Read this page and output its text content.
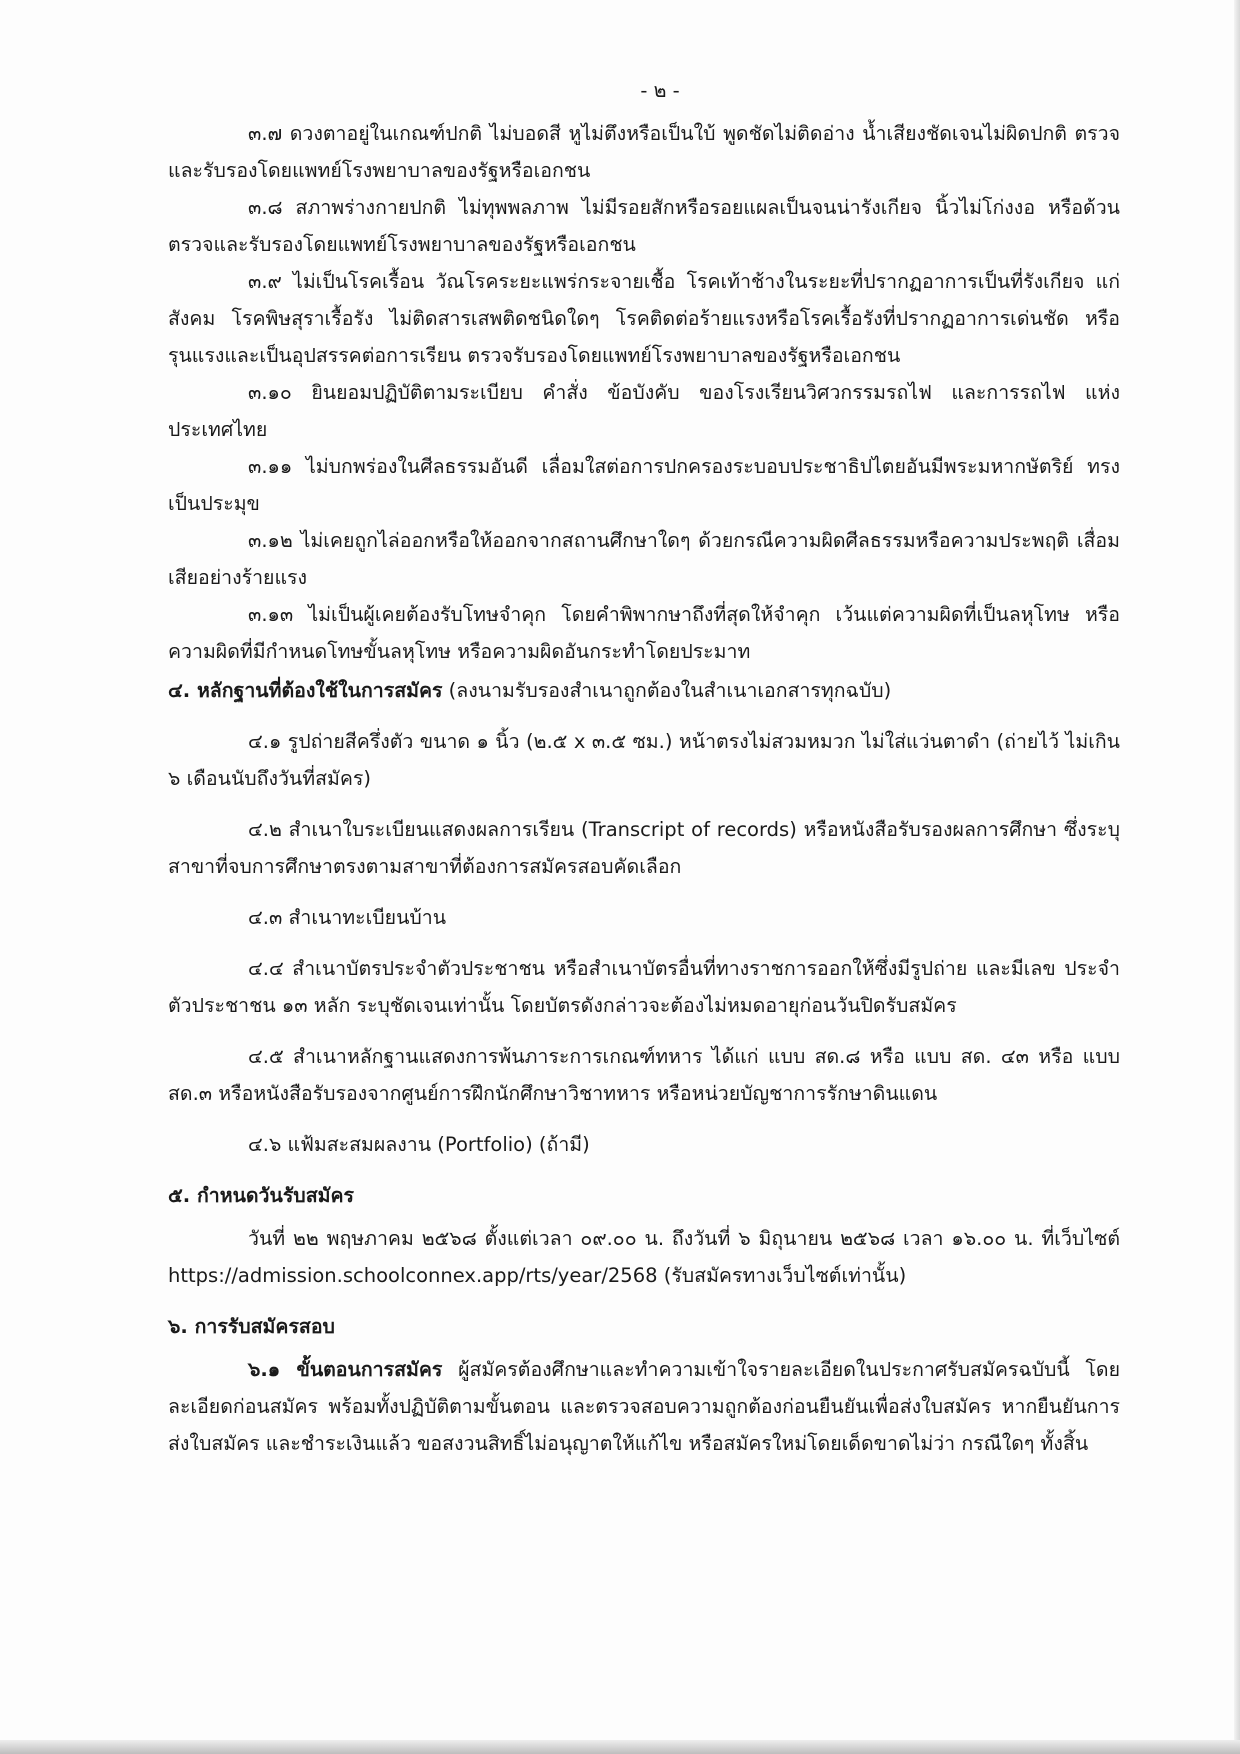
- ๒ -

๓.๗ ดวงตาอยู่ในเกณฑ์ปกติ ไม่บอดสี หูไม่ตึงหรือเป็นใบ้ พูดชัดไม่ติดอ่าง น้ำเสียงชัดเจนไม่ผิดปกติ ตรวจและรับรองโดยแพทย์โรงพยาบาลของรัฐหรือเอกชน

๓.๘ สภาพร่างกายปกติ ไม่ทุพพลภาพ ไม่มีรอยสักหรือรอยแผลเป็นจนน่ารังเกียจ นิ้วไม่โก่งงอ หรือด้วน ตรวจและรับรองโดยแพทย์โรงพยาบาลของรัฐหรือเอกชน

๓.๙ ไม่เป็นโรคเรื้อน วัณโรคระยะแพร่กระจายเชื้อ โรคเท้าช้างในระยะที่ปรากฏอาการเป็นที่รังเกียจ แก่สังคม โรคพิษสุราเรื้อรัง ไม่ติดสารเสพติดชนิดใดๆ โรคติดต่อร้ายแรงหรือโรคเรื้อรังที่ปรากฏอาการเด่นชัด หรือรุนแรงและเป็นอุปสรรคต่อการเรียน ตรวจรับรองโดยแพทย์โรงพยาบาลของรัฐหรือเอกชน

๓.๑๐ ยินยอมปฏิบัติตามระเบียบ คำสั่ง ข้อบังคับ ของโรงเรียนวิศวกรรมรถไฟ และการรถไฟ แห่งประเทศไทย

๓.๑๑ ไม่บกพร่องในศีลธรรมอันดี เลื่อมใสต่อการปกครองระบอบประชาธิปไตยอันมีพระมหากษัตริย์ ทรงเป็นประมุข

๓.๑๒ ไม่เคยถูกไล่ออกหรือให้ออกจากสถานศึกษาใดๆ ด้วยกรณีความผิดศีลธรรมหรือความประพฤติ เสื่อมเสียอย่างร้ายแรง

๓.๑๓ ไม่เป็นผู้เคยต้องรับโทษจำคุก โดยคำพิพากษาถึงที่สุดให้จำคุก เว้นแต่ความผิดที่เป็นลหุโทษ หรือความผิดที่มีกำหนดโทษขั้นลหุโทษ หรือความผิดอันกระทำโดยประมาท

๔. หลักฐานที่ต้องใช้ในการสมัคร (ลงนามรับรองสำเนาถูกต้องในสำเนาเอกสารทุกฉบับ)

๔.๑ รูปถ่ายสีครึ่งตัว ขนาด ๑ นิ้ว (๒.๕ x ๓.๕ ซม.) หน้าตรงไม่สวมหมวก ไม่ใส่แว่นตาดำ (ถ่ายไว้ ไม่เกิน ๖ เดือนนับถึงวันที่สมัคร)

๔.๒ สำเนาใบระเบียนแสดงผลการเรียน (Transcript of records) หรือหนังสือรับรองผลการศึกษา ซึ่งระบุสาขาที่จบการศึกษาตรงตามสาขาที่ต้องการสมัครสอบคัดเลือก

๔.๓ สำเนาทะเบียนบ้าน

๔.๔ สำเนาบัตรประจำตัวประชาชน หรือสำเนาบัตรอื่นที่ทางราชการออกให้ซึ่งมีรูปถ่าย และมีเลข ประจำตัวประชาชน ๑๓ หลัก ระบุชัดเจนเท่านั้น โดยบัตรดังกล่าวจะต้องไม่หมดอายุก่อนวันปิดรับสมัคร

๔.๕ สำเนาหลักฐานแสดงการพ้นภาระการเกณฑ์ทหาร ได้แก่ แบบ สด.๘ หรือ แบบ สด. ๔๓ หรือ แบบ สด.๓ หรือหนังสือรับรองจากศูนย์การฝึกนักศึกษาวิชาทหาร หรือหน่วยบัญชาการรักษาดินแดน

๔.๖ แฟ้มสะสมผลงาน (Portfolio) (ถ้ามี)

๕. กำหนดวันรับสมัคร

วันที่ ๒๒ พฤษภาคม ๒๕๖๘ ตั้งแต่เวลา ๐๙.๐๐ น. ถึงวันที่ ๖ มิถุนายน ๒๕๖๘ เวลา ๑๖.๐๐ น. ที่เว็บไซต์ https://admission.schoolconnex.app/rts/year/2568 (รับสมัครทางเว็บไซต์เท่านั้น)

๖. การรับสมัครสอบ

๖.๑ ขั้นตอนการสมัคร ผู้สมัครต้องศึกษาและทำความเข้าใจรายละเอียดในประกาศรับสมัครฉบับนี้ โดยละเอียดก่อนสมัคร พร้อมทั้งปฏิบัติตามขั้นตอน และตรวจสอบความถูกต้องก่อนยืนยันเพื่อส่งใบสมัคร หากยืนยันการส่งใบสมัคร และชำระเงินแล้ว ขอสงวนสิทธิ์ไม่อนุญาตให้แก้ไข หรือสมัครใหม่โดยเด็ดขาดไม่ว่า กรณีใดๆ ทั้งสิ้น
